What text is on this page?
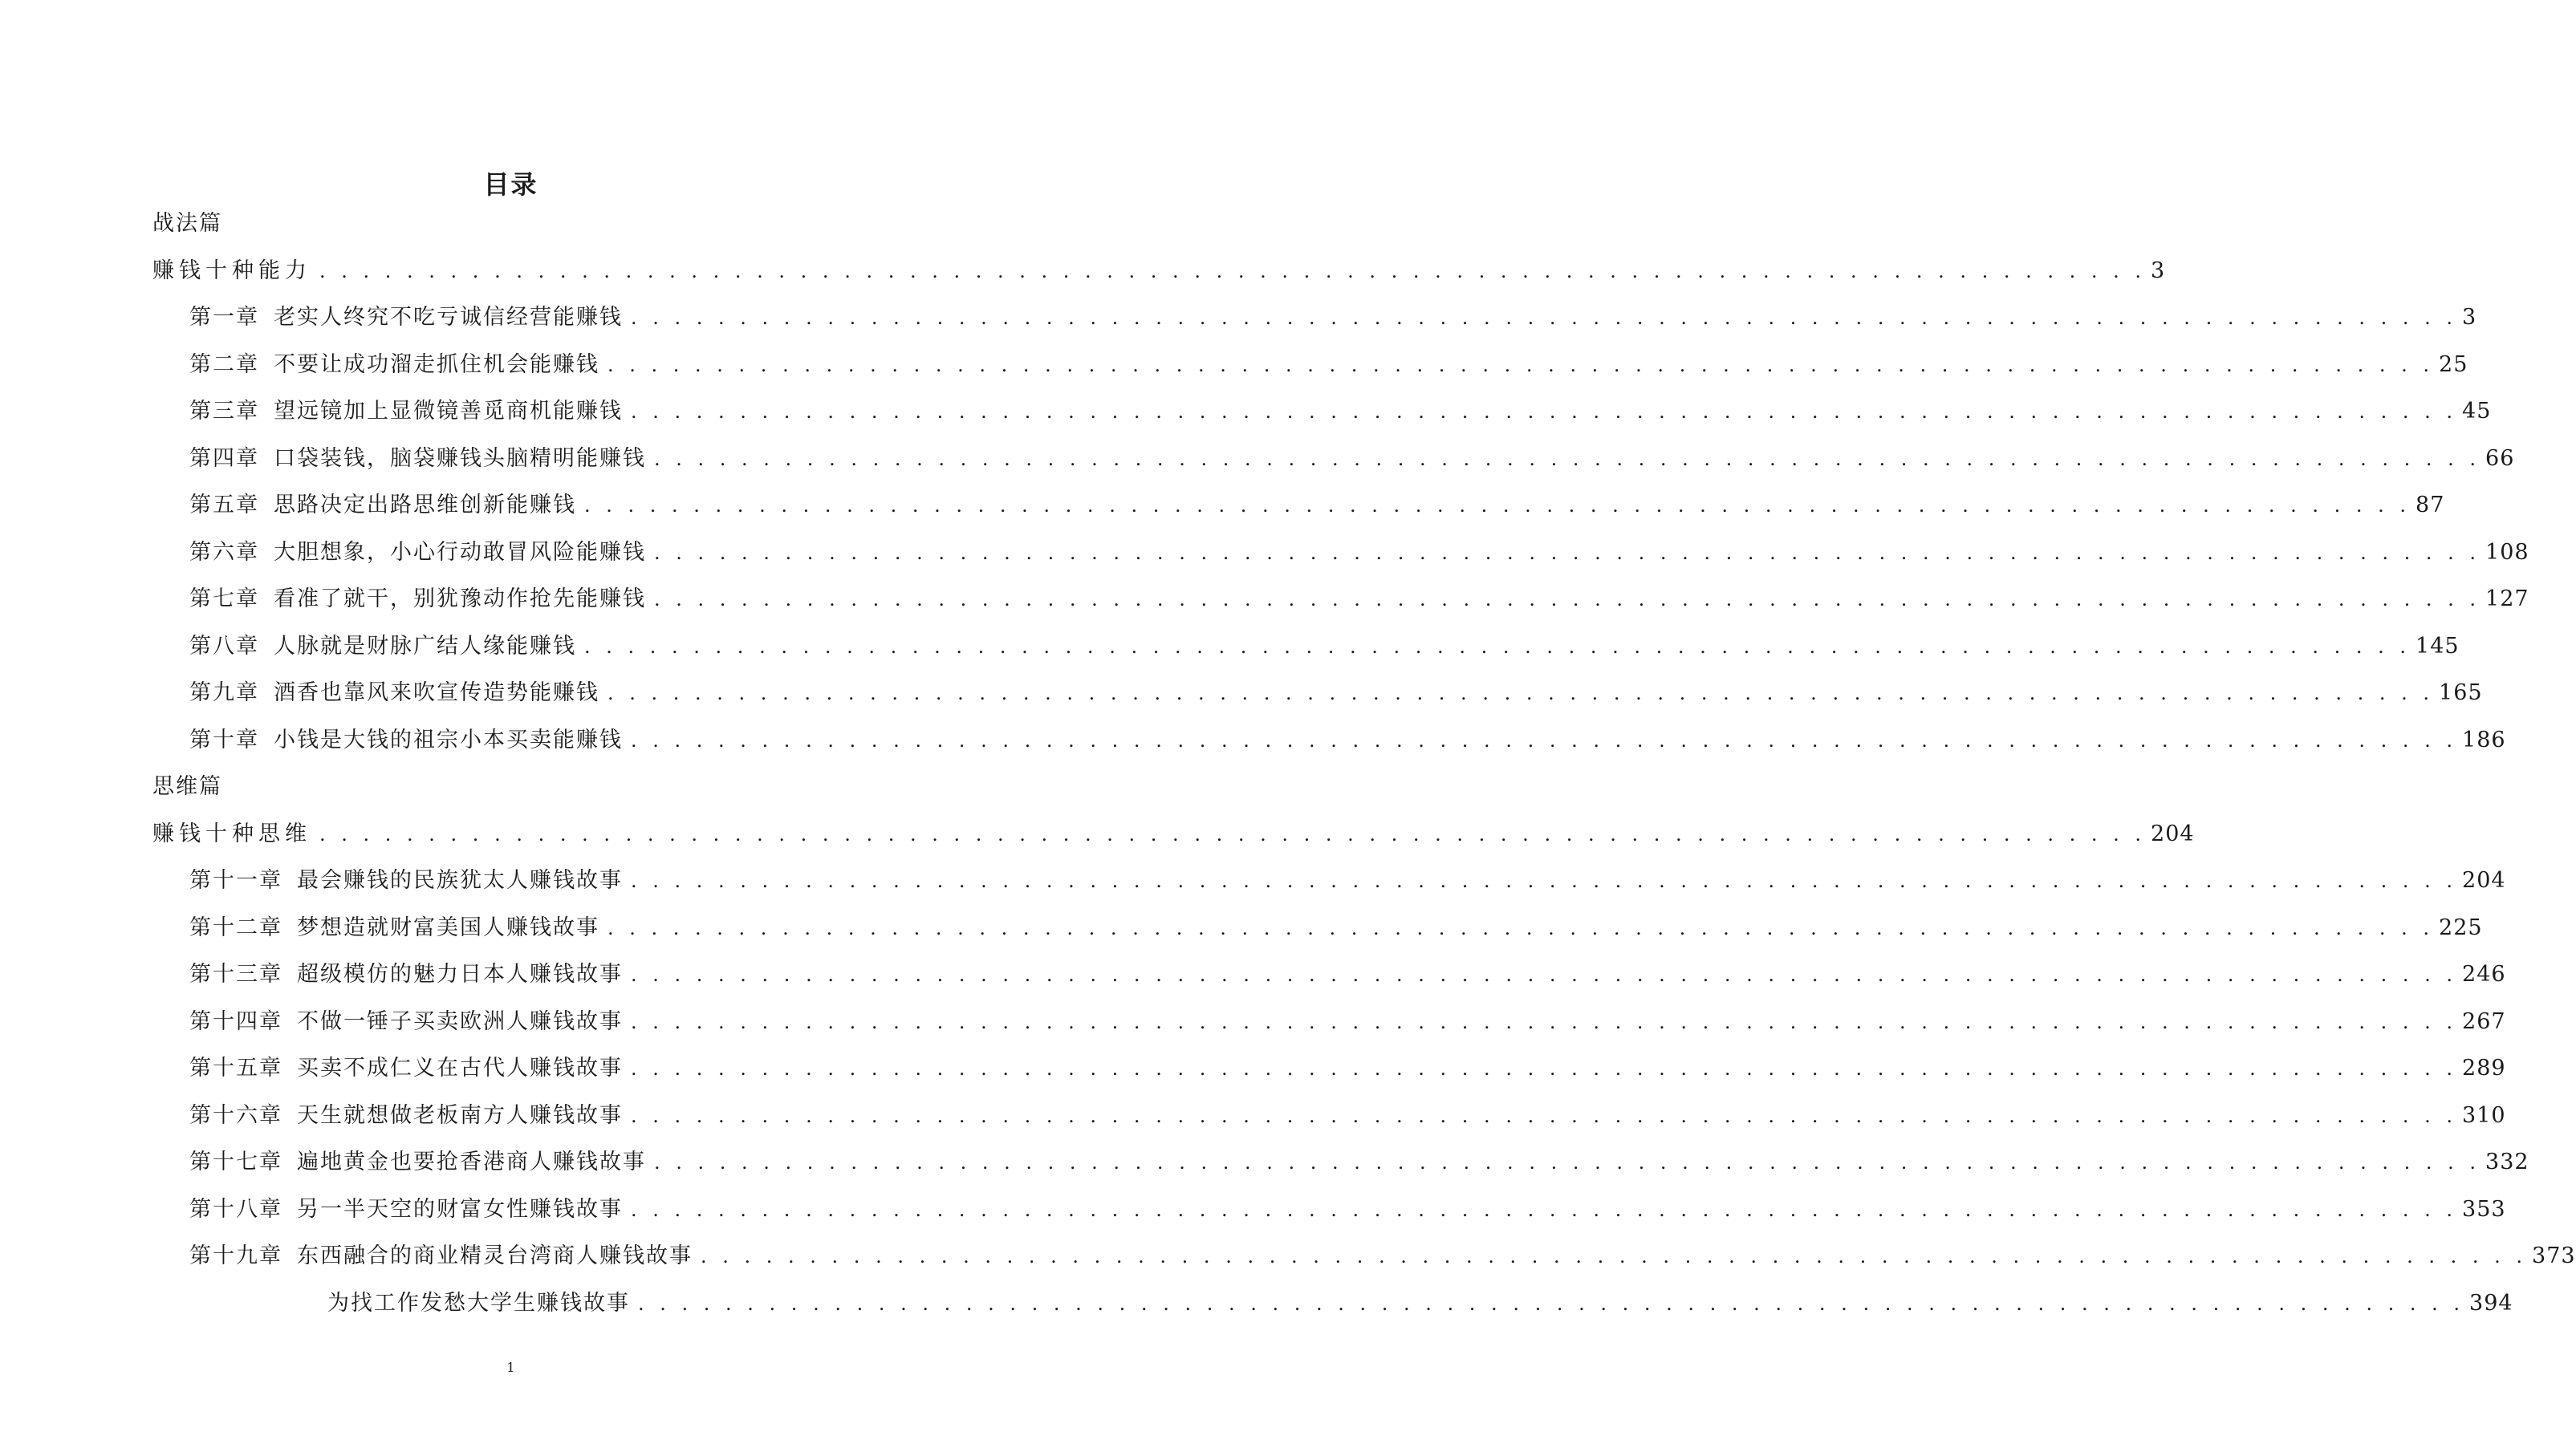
目录
战法篇
赚钱十种能力 . . . . . . . . . . . . . . . . . . . . . . . . . . . . . . . . . . . . . . . . . . . . . . . . . . . . . . . . . . . . . . . . . . . . . . . . . . . . . . . . . . . . 3
第一章 老实人终究不吃亏诚信经营能赚钱 . . . . . . . . . . . . . . . . . . . . . . . . . . . . . . . . . . . . . . . . . . . . . . . . . . . . . . . . . . . . . . . . . . . . . . . . . . . . . . . . . . . . 3
第二章 不要让成功溜走抓住机会能赚钱 . . . . . . . . . . . . . . . . . . . . . . . . . . . . . . . . . . . . . . . . . . . . . . . . . . . . . . . . . . . . . . . . . . . . . . . . . . . . . . . . . . . . 25
第三章 望远镜加上显微镜善觅商机能赚钱 . . . . . . . . . . . . . . . . . . . . . . . . . . . . . . . . . . . . . . . . . . . . . . . . . . . . . . . . . . . . . . . . . . . . . . . . . . . . . . . . . . . . 45
第四章 口袋装钱，脑袋赚钱头脑精明能赚钱 . . . . . . . . . . . . . . . . . . . . . . . . . . . . . . . . . . . . . . . . . . . . . . . . . . . . . . . . . . . . . . . . . . . . . . . . . . . . . . . . . . . . 66
第五章 思路决定出路思维创新能赚钱 . . . . . . . . . . . . . . . . . . . . . . . . . . . . . . . . . . . . . . . . . . . . . . . . . . . . . . . . . . . . . . . . . . . . . . . . . . . . . . . . . . . . 87
第六章 大胆想象，小心行动敢冒风险能赚钱 . . . . . . . . . . . . . . . . . . . . . . . . . . . . . . . . . . . . . . . . . . . . . . . . . . . . . . . . . . . . . . . . . . . . . . . . . . . . . . . . . . . . 108
第七章 看准了就干，别犹豫动作抢先能赚钱 . . . . . . . . . . . . . . . . . . . . . . . . . . . . . . . . . . . . . . . . . . . . . . . . . . . . . . . . . . . . . . . . . . . . . . . . . . . . . . . . . . . . 127
第八章 人脉就是财脉广结人缘能赚钱 . . . . . . . . . . . . . . . . . . . . . . . . . . . . . . . . . . . . . . . . . . . . . . . . . . . . . . . . . . . . . . . . . . . . . . . . . . . . . . . . . . . . 145
第九章 酒香也靠风来吹宣传造势能赚钱 . . . . . . . . . . . . . . . . . . . . . . . . . . . . . . . . . . . . . . . . . . . . . . . . . . . . . . . . . . . . . . . . . . . . . . . . . . . . . . . . . . . . 165
第十章 小钱是大钱的祖宗小本买卖能赚钱 . . . . . . . . . . . . . . . . . . . . . . . . . . . . . . . . . . . . . . . . . . . . . . . . . . . . . . . . . . . . . . . . . . . . . . . . . . . . . . . . . . . . 186
思维篇
赚钱十种思维 . . . . . . . . . . . . . . . . . . . . . . . . . . . . . . . . . . . . . . . . . . . . . . . . . . . . . . . . . . . . . . . . . . . . . . . . . . . . . . . . . . . . 204
第十一章 最会赚钱的民族犹太人赚钱故事 . . . . . . . . . . . . . . . . . . . . . . . . . . . . . . . . . . . . . . . . . . . . . . . . . . . . . . . . . . . . . . . . . . . . . . . . . . . . . . . . . . . . 204
第十二章 梦想造就财富美国人赚钱故事 . . . . . . . . . . . . . . . . . . . . . . . . . . . . . . . . . . . . . . . . . . . . . . . . . . . . . . . . . . . . . . . . . . . . . . . . . . . . . . . . . . . . 225
第十三章 超级模仿的魅力日本人赚钱故事 . . . . . . . . . . . . . . . . . . . . . . . . . . . . . . . . . . . . . . . . . . . . . . . . . . . . . . . . . . . . . . . . . . . . . . . . . . . . . . . . . . . . 246
第十四章 不做一锤子买卖欧洲人赚钱故事 . . . . . . . . . . . . . . . . . . . . . . . . . . . . . . . . . . . . . . . . . . . . . . . . . . . . . . . . . . . . . . . . . . . . . . . . . . . . . . . . . . . . 267
第十五章 买卖不成仁义在古代人赚钱故事 . . . . . . . . . . . . . . . . . . . . . . . . . . . . . . . . . . . . . . . . . . . . . . . . . . . . . . . . . . . . . . . . . . . . . . . . . . . . . . . . . . . . 289
第十六章 天生就想做老板南方人赚钱故事 . . . . . . . . . . . . . . . . . . . . . . . . . . . . . . . . . . . . . . . . . . . . . . . . . . . . . . . . . . . . . . . . . . . . . . . . . . . . . . . . . . . . 310
第十七章 遍地黄金也要抢香港商人赚钱故事 . . . . . . . . . . . . . . . . . . . . . . . . . . . . . . . . . . . . . . . . . . . . . . . . . . . . . . . . . . . . . . . . . . . . . . . . . . . . . . . . . . . . 332
第十八章 另一半天空的财富女性赚钱故事 . . . . . . . . . . . . . . . . . . . . . . . . . . . . . . . . . . . . . . . . . . . . . . . . . . . . . . . . . . . . . . . . . . . . . . . . . . . . . . . . . . . . 353
第十九章 东西融合的商业精灵台湾商人赚钱故事 . . . . . . . . . . . . . . . . . . . . . . . . . . . . . . . . . . . . . . . . . . . . . . . . . . . . . . . . . . . . . . . . . . . . . . . . . . . . . . . . . . . . 373
为找工作发愁大学生赚钱故事 . . . . . . . . . . . . . . . . . . . . . . . . . . . . . . . . . . . . . . . . . . . . . . . . . . . . . . . . . . . . . . . . . . . . . . . . . . . . . . . . . . . . 394
1
